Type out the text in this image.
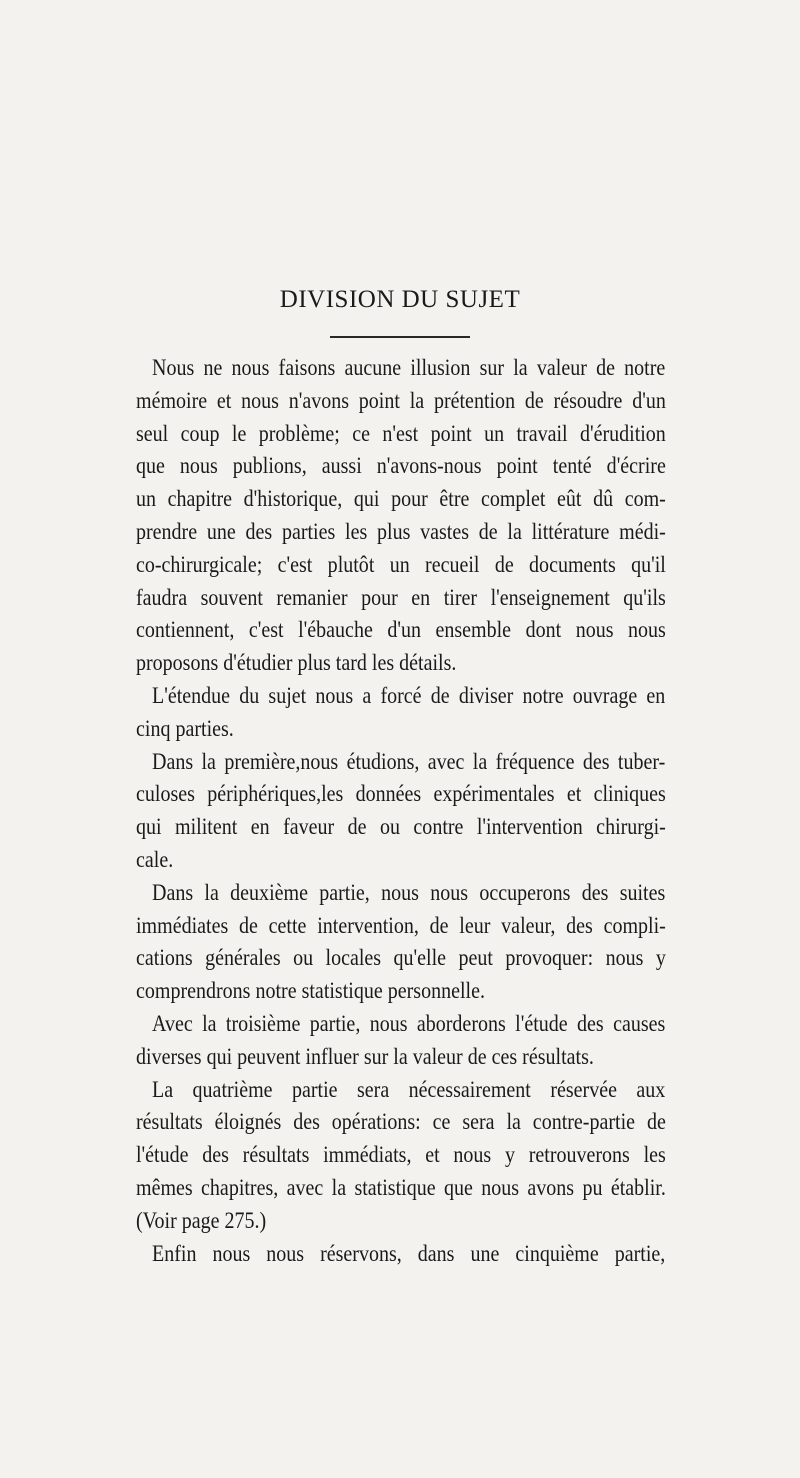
DIVISION DU SUJET
Nous ne nous faisons aucune illusion sur la valeur de notre
mémoire et nous n'avons point la prétention de résoudre d'un
seul coup le problème; ce n'est point un travail d'érudition
que nous publions, aussi n'avons-nous point tenté d'écrire
un chapitre d'historique, qui pour être complet eût dû com-
prendre une des parties les plus vastes de la littérature médi-
co-chirurgicale; c'est plutôt un recueil de documents qu'il
faudra souvent remanier pour en tirer l'enseignement qu'ils
contiennent, c'est l'ébauche d'un ensemble dont nous nous
proposons d'étudier plus tard les détails.
L'étendue du sujet nous a forcé de diviser notre ouvrage en
cinq parties.
Dans la première,nous étudions, avec la fréquence des tuber-
culoses périphériques,les données expérimentales et cliniques
qui militent en faveur de ou contre l'intervention chirurgi-
cale.
Dans la deuxième partie, nous nous occuperons des suites
immédiates de cette intervention, de leur valeur, des compli-
cations générales ou locales qu'elle peut provoquer: nous y
comprendrons notre statistique personnelle.
Avec la troisième partie, nous aborderons l'étude des causes
diverses qui peuvent influer sur la valeur de ces résultats.
La quatrième partie sera nécessairement réservée aux
résultats éloignés des opérations: ce sera la contre-partie de
l'étude des résultats immédiats, et nous y retrouverons les
mêmes chapitres, avec la statistique que nous avons pu établir.
(Voir page 275.)
Enfin nous nous réservons, dans une cinquième partie,
